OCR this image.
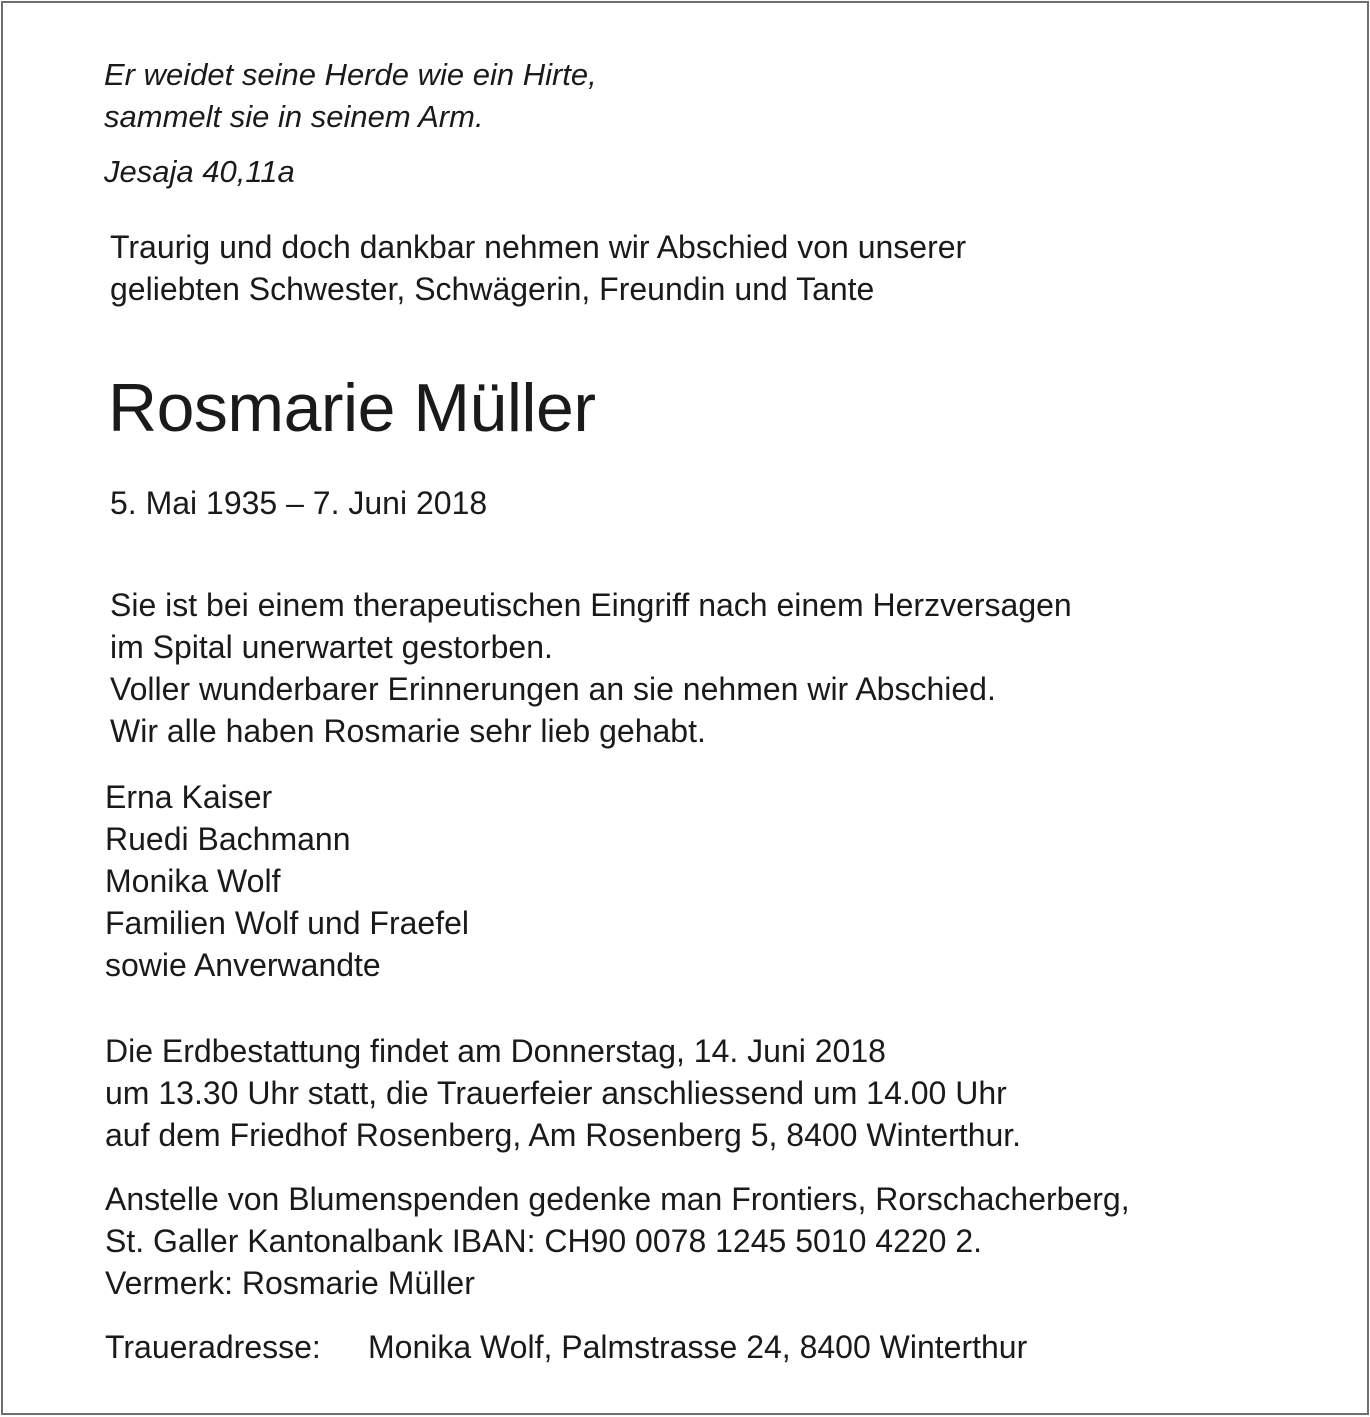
Er weidet seine Herde wie ein Hirte,
sammelt sie in seinem Arm.
Jesaja 40,11a
Traurig und doch dankbar nehmen wir Abschied von unserer
geliebten Schwester, Schwägerin, Freundin und Tante
Rosmarie Müller
5. Mai 1935 – 7. Juni 2018
Sie ist bei einem therapeutischen Eingriff nach einem Herzversagen
im Spital unerwartet gestorben.
Voller wunderbarer Erinnerungen an sie nehmen wir Abschied.
Wir alle haben Rosmarie sehr lieb gehabt.
Erna Kaiser
Ruedi Bachmann
Monika Wolf
Familien Wolf und Fraefel
sowie Anverwandte
Die Erdbestattung findet am Donnerstag, 14. Juni 2018
um 13.30 Uhr statt, die Trauerfeier anschliessend um 14.00 Uhr
auf dem Friedhof Rosenberg, Am Rosenberg 5, 8400 Winterthur.
Anstelle von Blumenspenden gedenke man Frontiers, Rorschacherberg,
St. Galler Kantonalbank IBAN: CH90 0078 1245 5010 4220 2.
Vermerk: Rosmarie Müller
Traueradresse: Monika Wolf, Palmstrasse 24, 8400 Winterthur
